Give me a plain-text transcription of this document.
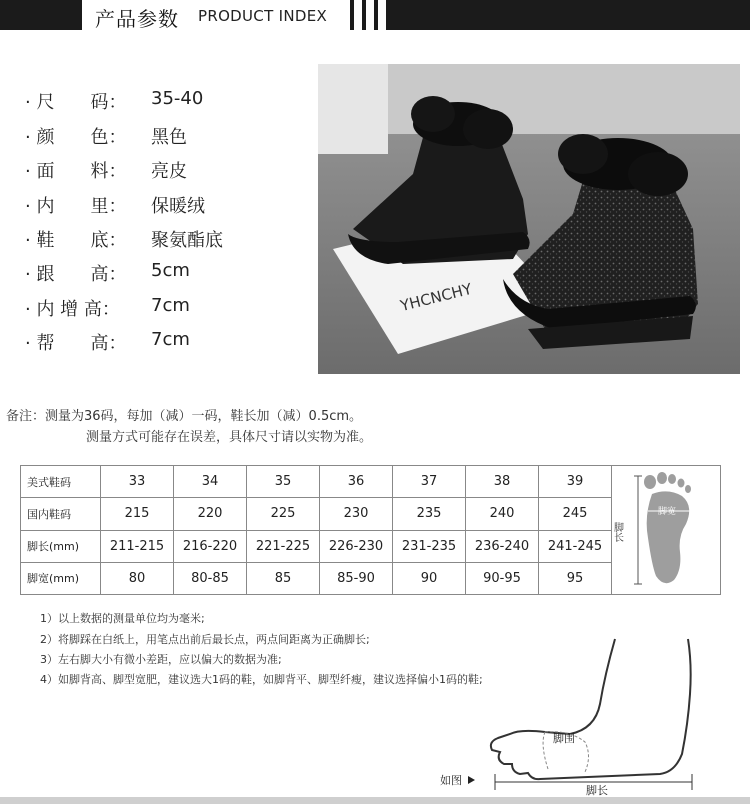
产品参数 PRODUCT INDEX
· 尺　　码：	35-40
· 颜　　色：	黑色
· 面　　料：	亮皮
· 内　　里：	保暖绒
· 鞋　　底：	聚氨酯底
· 跟　　高：	5cm
· 内 增 高：	7cm
· 帮　　高：	7cm
YHCNCHY
备注：测量为36码，每加（减）一码，鞋长加（减）0.5cm。
测量方式可能存在误差，具体尺寸请以实物为准。
美式鞋码	33	34	35	36	37	38	39	脚长
脚宽

国内鞋码	215	220	225	230	235	240	245	
脚长(mm)	211-215	216-220	221-225	226-230	231-235	236-240	241-245	
脚宽(mm)	80	80-85	85	85-90	90	90-95	95	
1）以上数据的测量单位均为毫米;
2）将脚踩在白纸上，用笔点出前后最长点，两点间距离为正确脚长;
3）左右脚大小有微小差距，应以偏大的数据为准;
4）如脚背高、脚型宽肥，建议选大1码的鞋，如脚背平、脚型纤瘦，建议选择偏小1码的鞋;
脚围
如图
脚长
